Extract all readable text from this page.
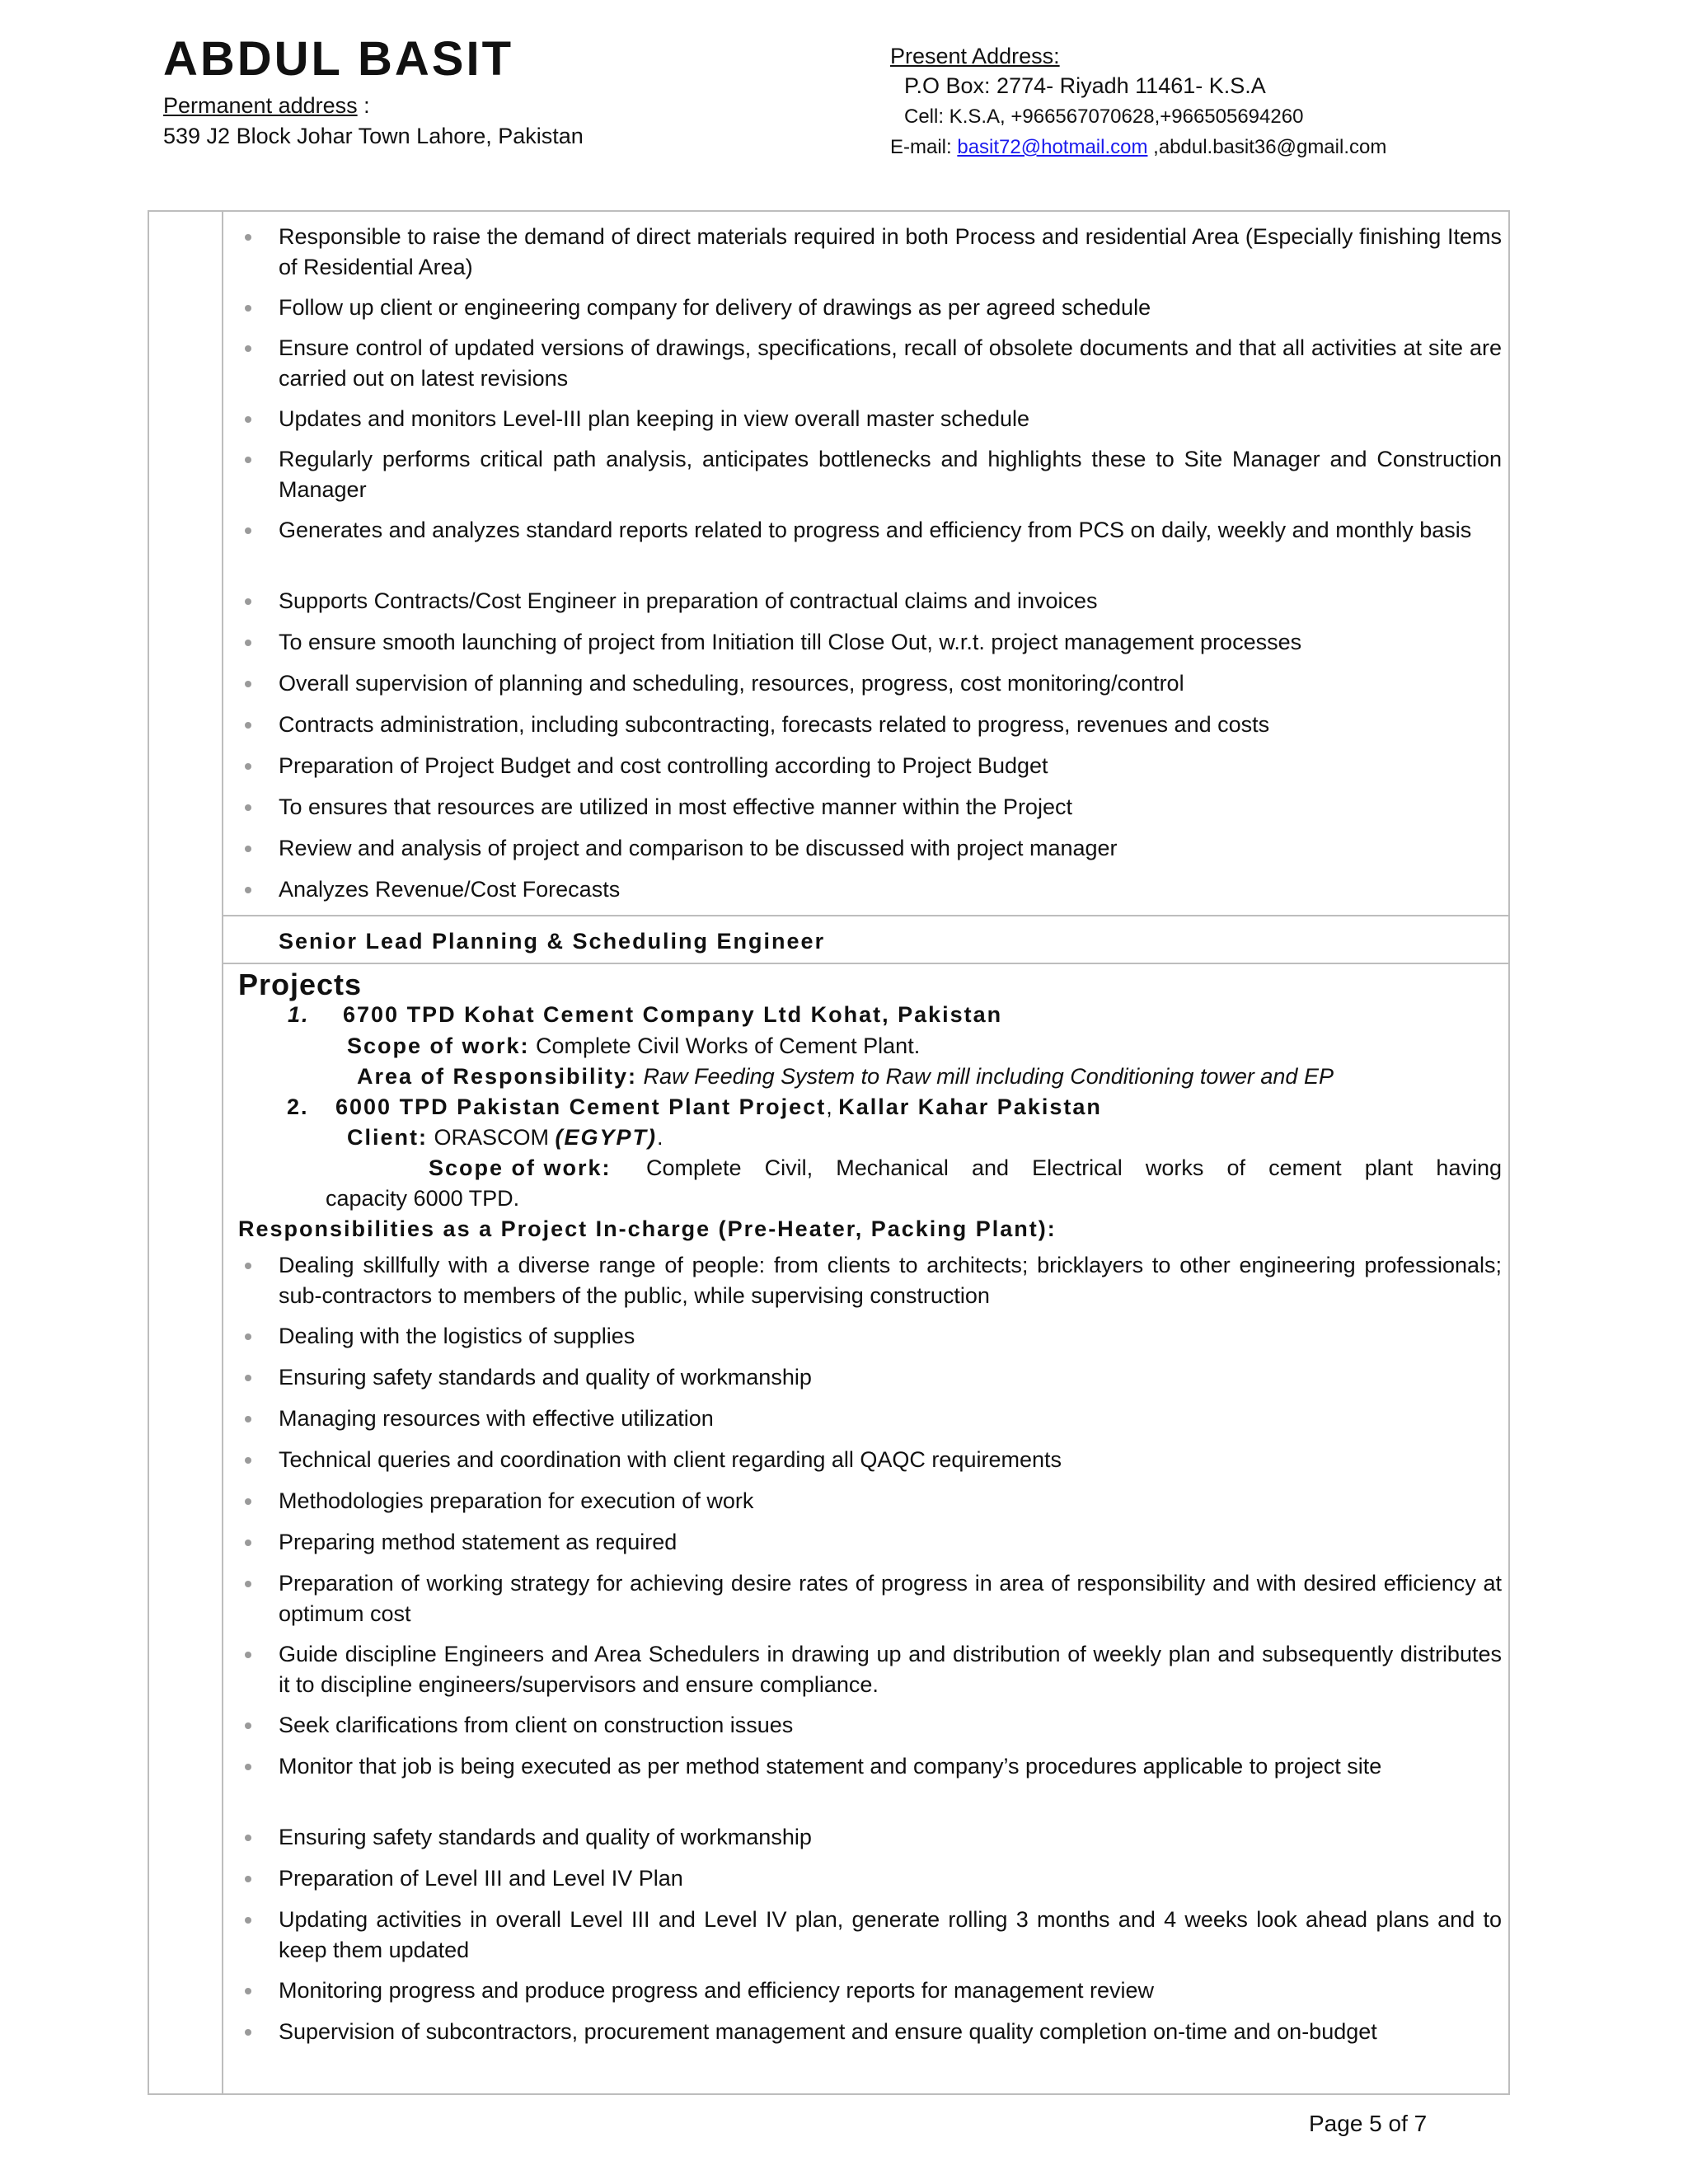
ABDUL BASIT
Permanent address :
539 J2 Block Johar Town Lahore, Pakistan
Present Address:
P.O Box: 2774- Riyadh 11461- K.S.A
Cell: K.S.A, +966567070628,+966505694260
E-mail: basit72@hotmail.com ,abdul.basit36@gmail.com
Responsible to raise the demand of direct materials required in both Process and residential Area (Especially finishing Items of Residential Area)
Follow up client or engineering company for delivery of drawings as per agreed schedule
Ensure control of updated versions of drawings, specifications, recall of obsolete documents and that all activities at site are carried out on latest revisions
Updates and monitors Level-III plan keeping in view overall master schedule
Regularly performs critical path analysis, anticipates bottlenecks and highlights these to Site Manager and Construction Manager
Generates and analyzes standard reports related to progress and efficiency from PCS on daily, weekly and monthly basis
Supports Contracts/Cost Engineer in preparation of contractual claims and invoices
To ensure smooth launching of project from Initiation till Close Out, w.r.t. project management processes
Overall supervision of planning and scheduling, resources, progress, cost monitoring/control
Contracts administration, including subcontracting, forecasts related to progress, revenues and costs
Preparation of Project Budget and cost controlling according to Project Budget
To ensures that resources are utilized in most effective manner within the Project
Review and analysis of project and comparison to be discussed with project manager
Analyzes Revenue/Cost Forecasts
Senior Lead Planning & Scheduling Engineer
Projects
1. 6700 TPD Kohat Cement Company Ltd Kohat, Pakistan
Scope of work: Complete Civil Works of Cement Plant.
Area of Responsibility: Raw Feeding System to Raw mill including Conditioning tower and EP
2. 6000 TPD Pakistan Cement Plant Project, Kallar Kahar Pakistan
Client: ORASCOM (EGYPT).
Scope of work: Complete Civil, Mechanical and Electrical works of cement plant having
capacity 6000 TPD.
Responsibilities as a Project In-charge (Pre-Heater, Packing Plant):
Dealing skillfully with a diverse range of people: from clients to architects; bricklayers to other engineering professionals; sub-contractors to members of the public, while supervising construction
Dealing with the logistics of supplies
Ensuring safety standards and quality of workmanship
Managing resources with effective utilization
Technical queries and coordination with client regarding all QAQC requirements
Methodologies preparation for execution of work
Preparing method statement as required
Preparation of working strategy for achieving desire rates of progress in area of responsibility and with desired efficiency at optimum cost
Guide discipline Engineers and Area Schedulers in drawing up and distribution of weekly plan and subsequently distributes it to discipline engineers/supervisors and ensure compliance.
Seek clarifications from client on construction issues
Monitor that job is being executed as per method statement and company’s procedures applicable to project site
Ensuring safety standards and quality of workmanship
Preparation of Level III and Level IV Plan
Updating activities in overall Level III and Level IV plan, generate rolling 3 months and 4 weeks look ahead plans and to keep them updated
Monitoring progress and produce progress and efficiency reports for management review
Supervision of subcontractors, procurement management and ensure quality completion on-time and on-budget
Page 5 of 7
